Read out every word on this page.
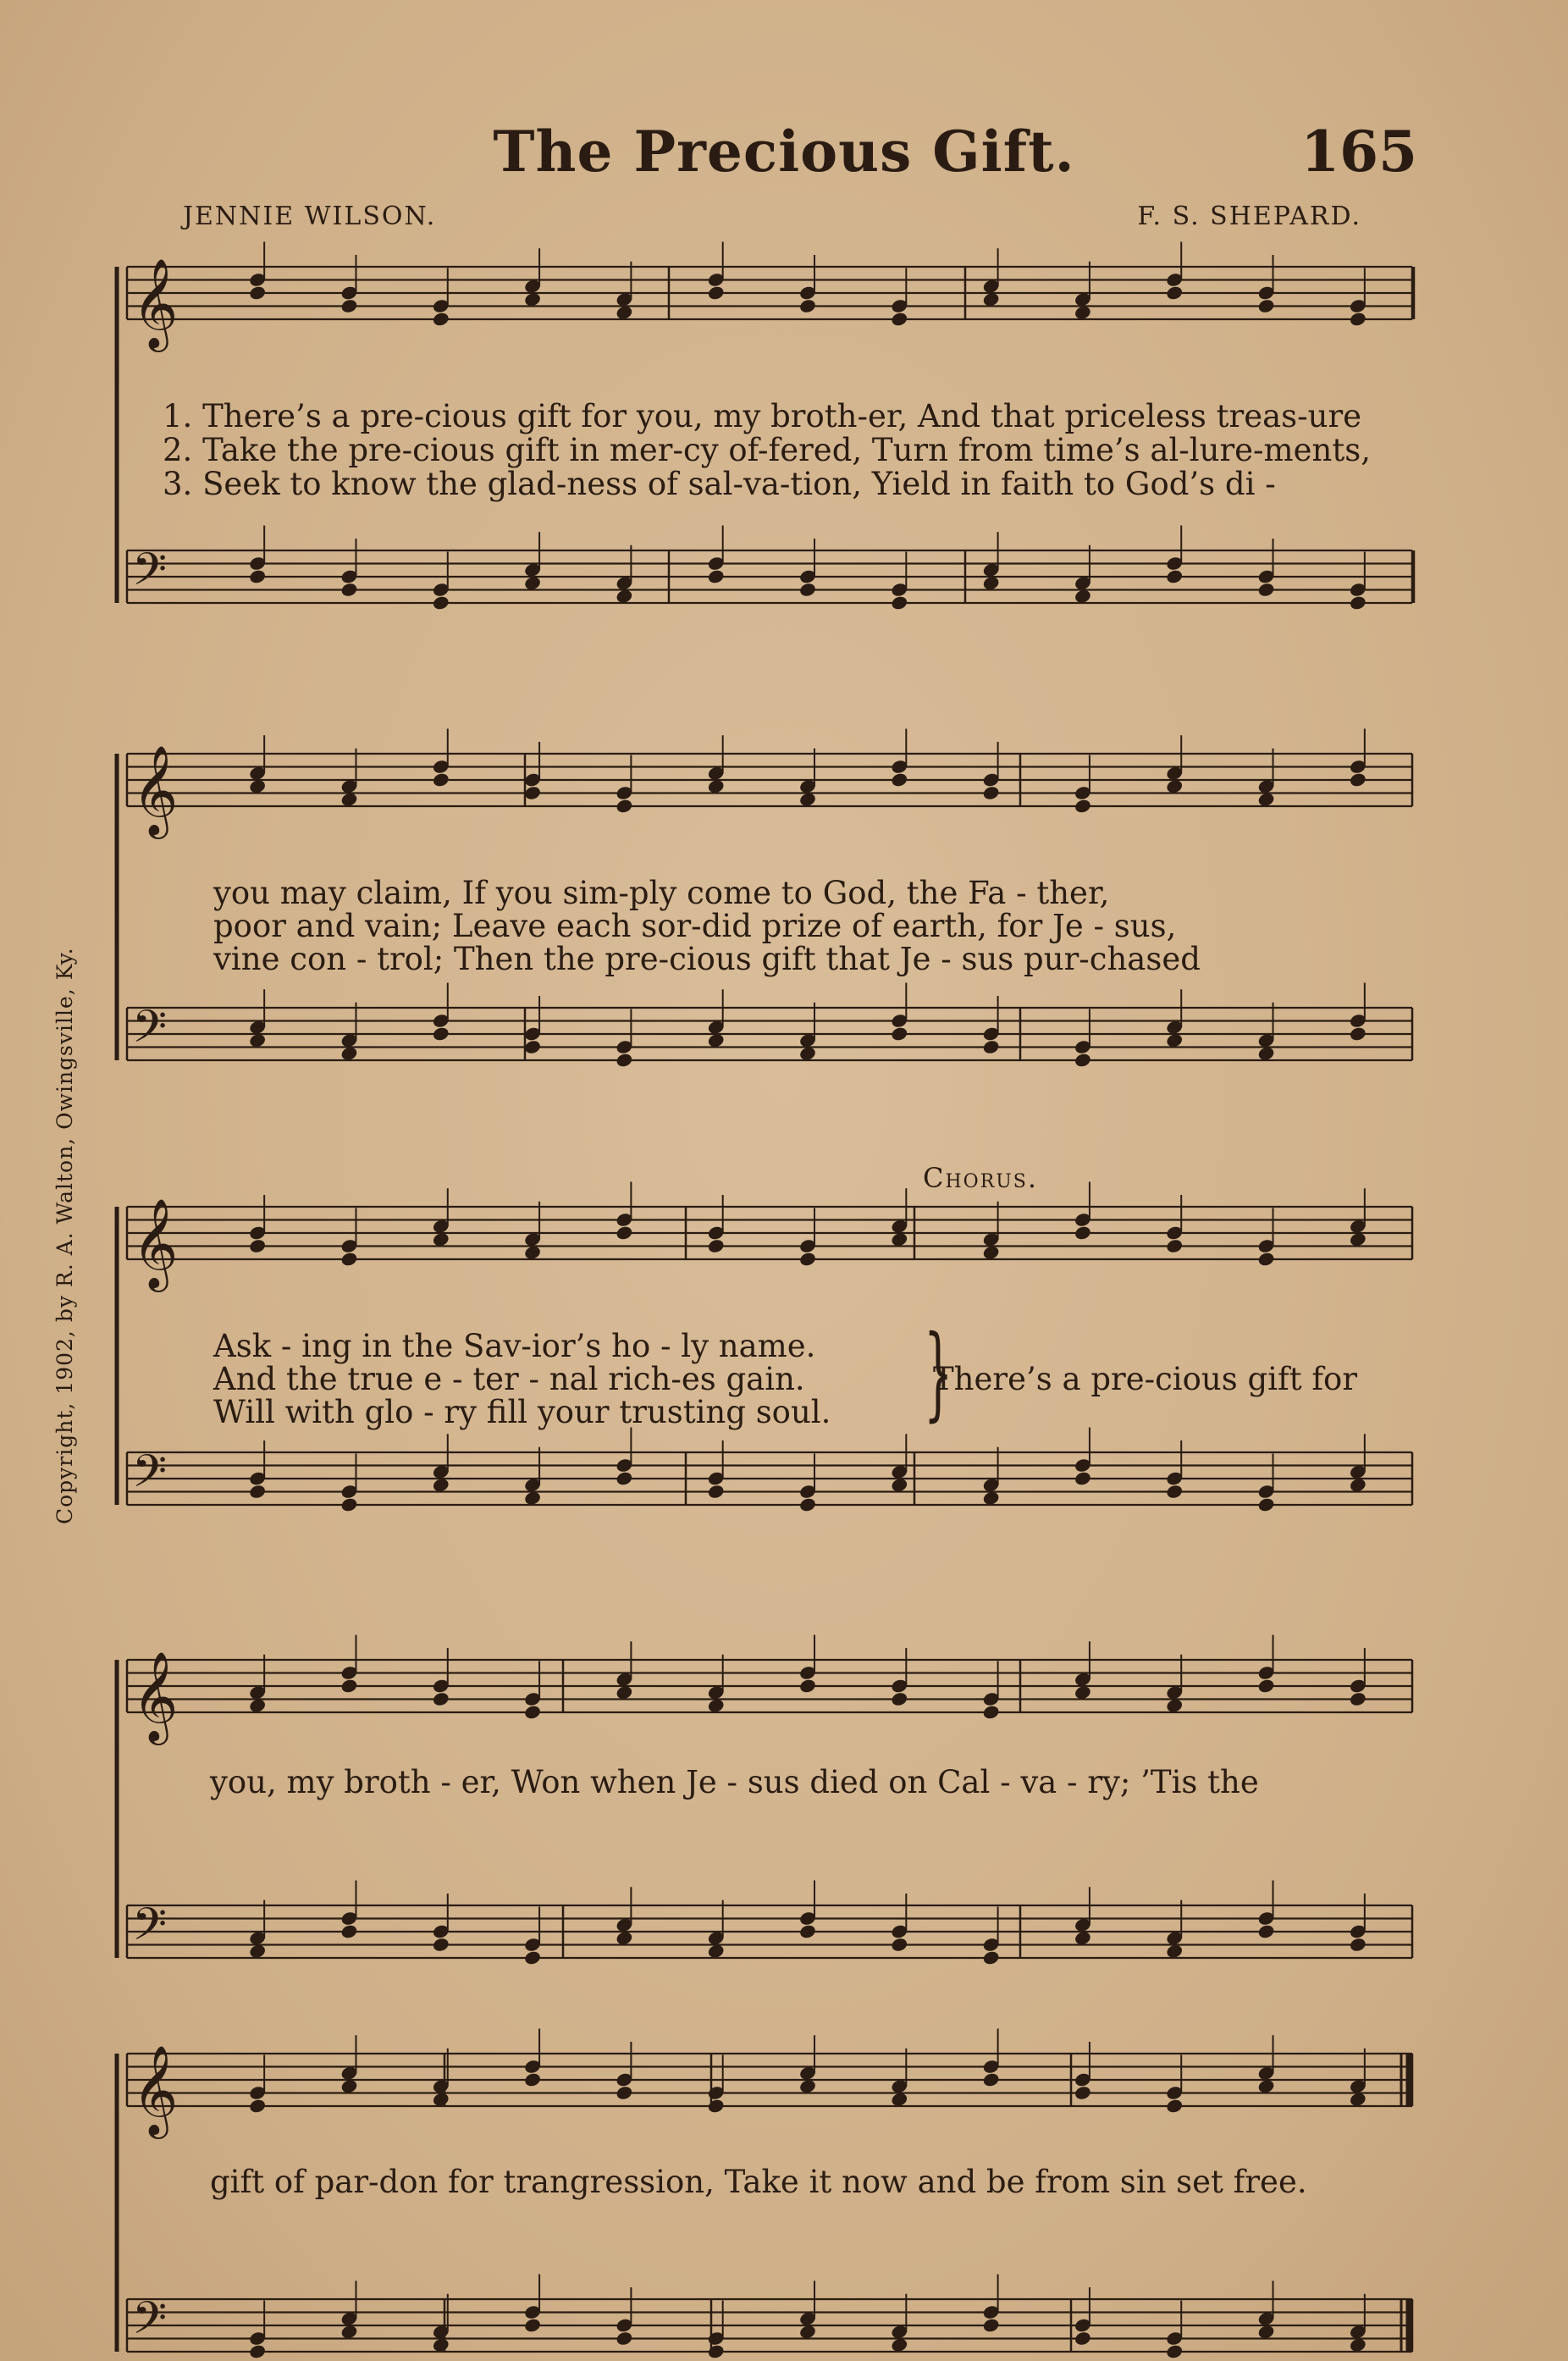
The Precious Gift.	165
JENNIE WILSON.	F. S. SHEPARD.
Copyright, 1902, by R. A. Walton, Owingsville, Ky.
𝄞
𝄢
𝄞
𝄢
𝄞
𝄢
𝄞
𝄢
𝄞
𝄢
1. There’s a pre-cious gift for you, my broth-er, And that priceless treas-ure
2. Take the pre-cious gift in mer-cy of-fered, Turn from time’s al-lure-ments,
3. Seek to know the glad-ness of sal-va-tion, Yield in faith to God’s di -
you may claim, If you sim-ply come to God, the Fa - ther,
poor and vain; Leave each sor-did prize of earth, for Je - sus,
vine con - trol; Then the pre-cious gift that Je - sus pur-chased
Chorus.
Ask - ing in the Sav-ior’s ho - ly name.
And the true e - ter - nal rich-es gain.
Will with glo - ry fill your trusting soul. }
There’s a pre-cious gift for
you, my broth - er, Won when Je - sus died on Cal - va - ry; ’Tis the
gift of par-don for trangression, Take it now and be from sin set free.
